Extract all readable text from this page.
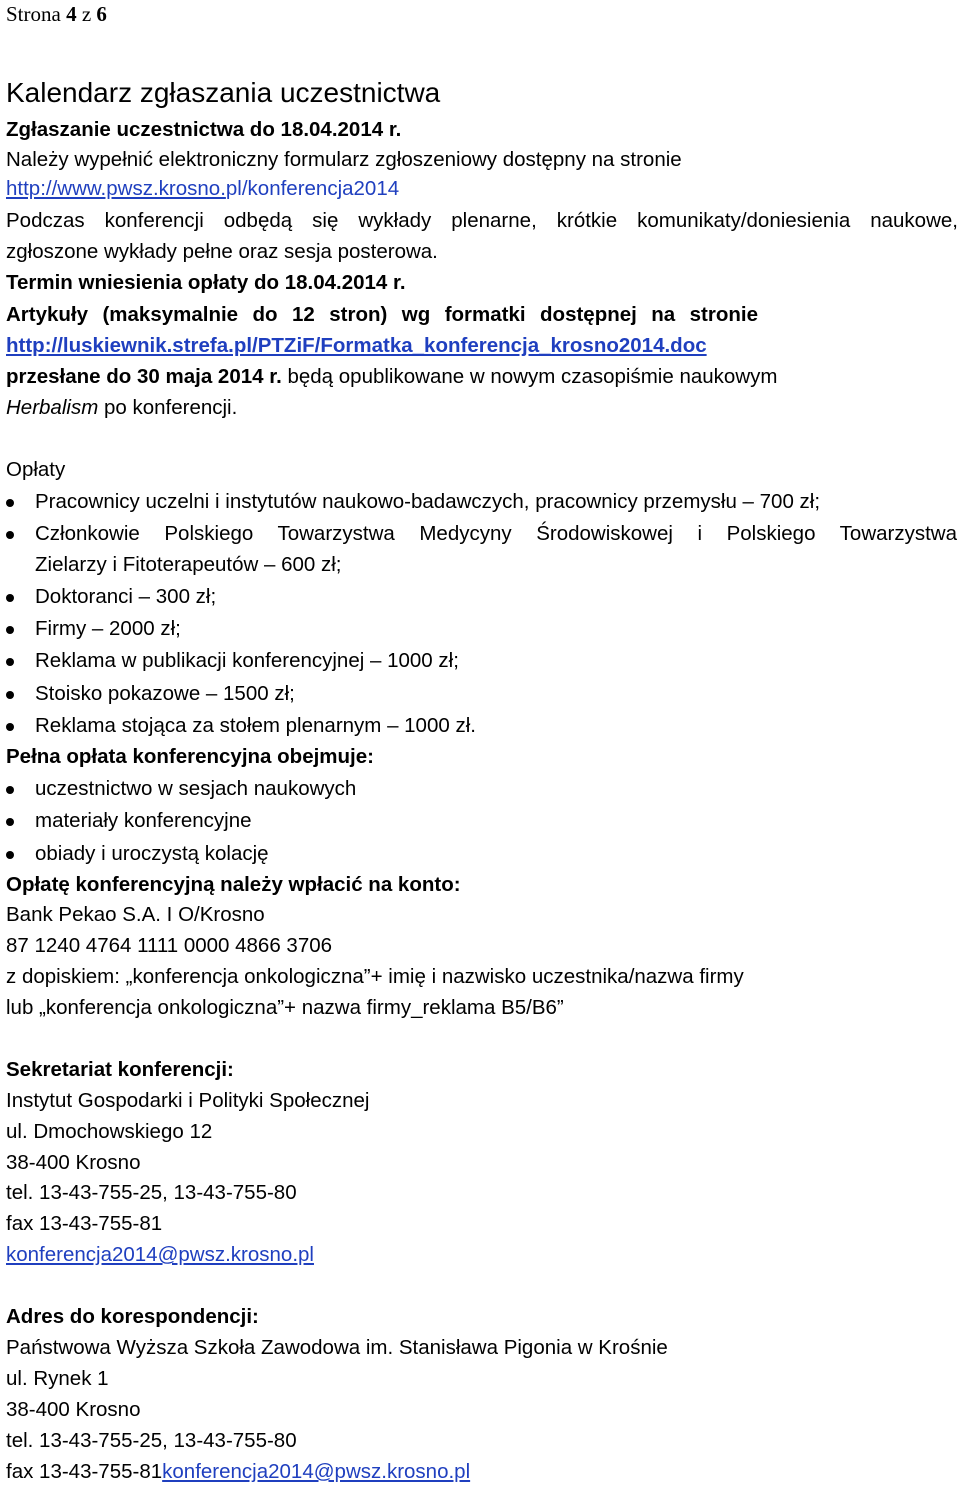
Strona 4 z 6
Kalendarz zgłaszania uczestnictwa
Zgłaszanie uczestnictwa do 18.04.2014 r.
Należy wypełnić elektroniczny formularz zgłoszeniowy dostępny na stronie
http://www.pwsz.krosno.pl/konferencja2014
Podczas konferencji odbędą się wykłady plenarne, krótkie komunikaty/doniesienia naukowe,
zgłoszone wykłady pełne oraz sesja posterowa.
Termin wniesienia opłaty do 18.04.2014 r.
Artykuły (maksymalnie do 12 stron) wg formatki dostępnej na stronie
http://luskiewnik.strefa.pl/PTZiF/Formatka_konferencja_krosno2014.doc
przesłane do 30 maja 2014 r. będą opublikowane w nowym czasopiśmie naukowym
Herbalism po konferencji.
Opłaty
Pracownicy uczelni i instytutów naukowo-badawczych, pracownicy przemysłu – 700 zł;
Członkowie Polskiego Towarzystwa Medycyny Środowiskowej i Polskiego Towarzystwa
Zielarzy i Fitoterapeutów – 600 zł;
Doktoranci – 300 zł;
Firmy – 2000 zł;
Reklama w publikacji konferencyjnej – 1000 zł;
Stoisko pokazowe – 1500 zł;
Reklama stojąca za stołem plenarnym – 1000 zł.
Pełna opłata konferencyjna obejmuje:
uczestnictwo w sesjach naukowych
materiały konferencyjne
obiady i uroczystą kolację
Opłatę konferencyjną należy wpłacić na konto:
Bank Pekao S.A. I O/Krosno
87 1240 4764 1111 0000 4866 3706
z dopiskiem: „konferencja onkologiczna”+ imię i nazwisko uczestnika/nazwa firmy
lub „konferencja onkologiczna”+ nazwa firmy_reklama B5/B6”
Sekretariat konferencji:
Instytut Gospodarki i Polityki Społecznej
ul. Dmochowskiego 12
38-400 Krosno
tel. 13-43-755-25, 13-43-755-80
fax 13-43-755-81
konferencja2014@pwsz.krosno.pl
Adres do korespondencji:
Państwowa Wyższa Szkoła Zawodowa im. Stanisława Pigonia w Krośnie
ul. Rynek 1
38-400 Krosno
tel. 13-43-755-25, 13-43-755-80
fax 13-43-755-81konferencja2014@pwsz.krosno.pl
